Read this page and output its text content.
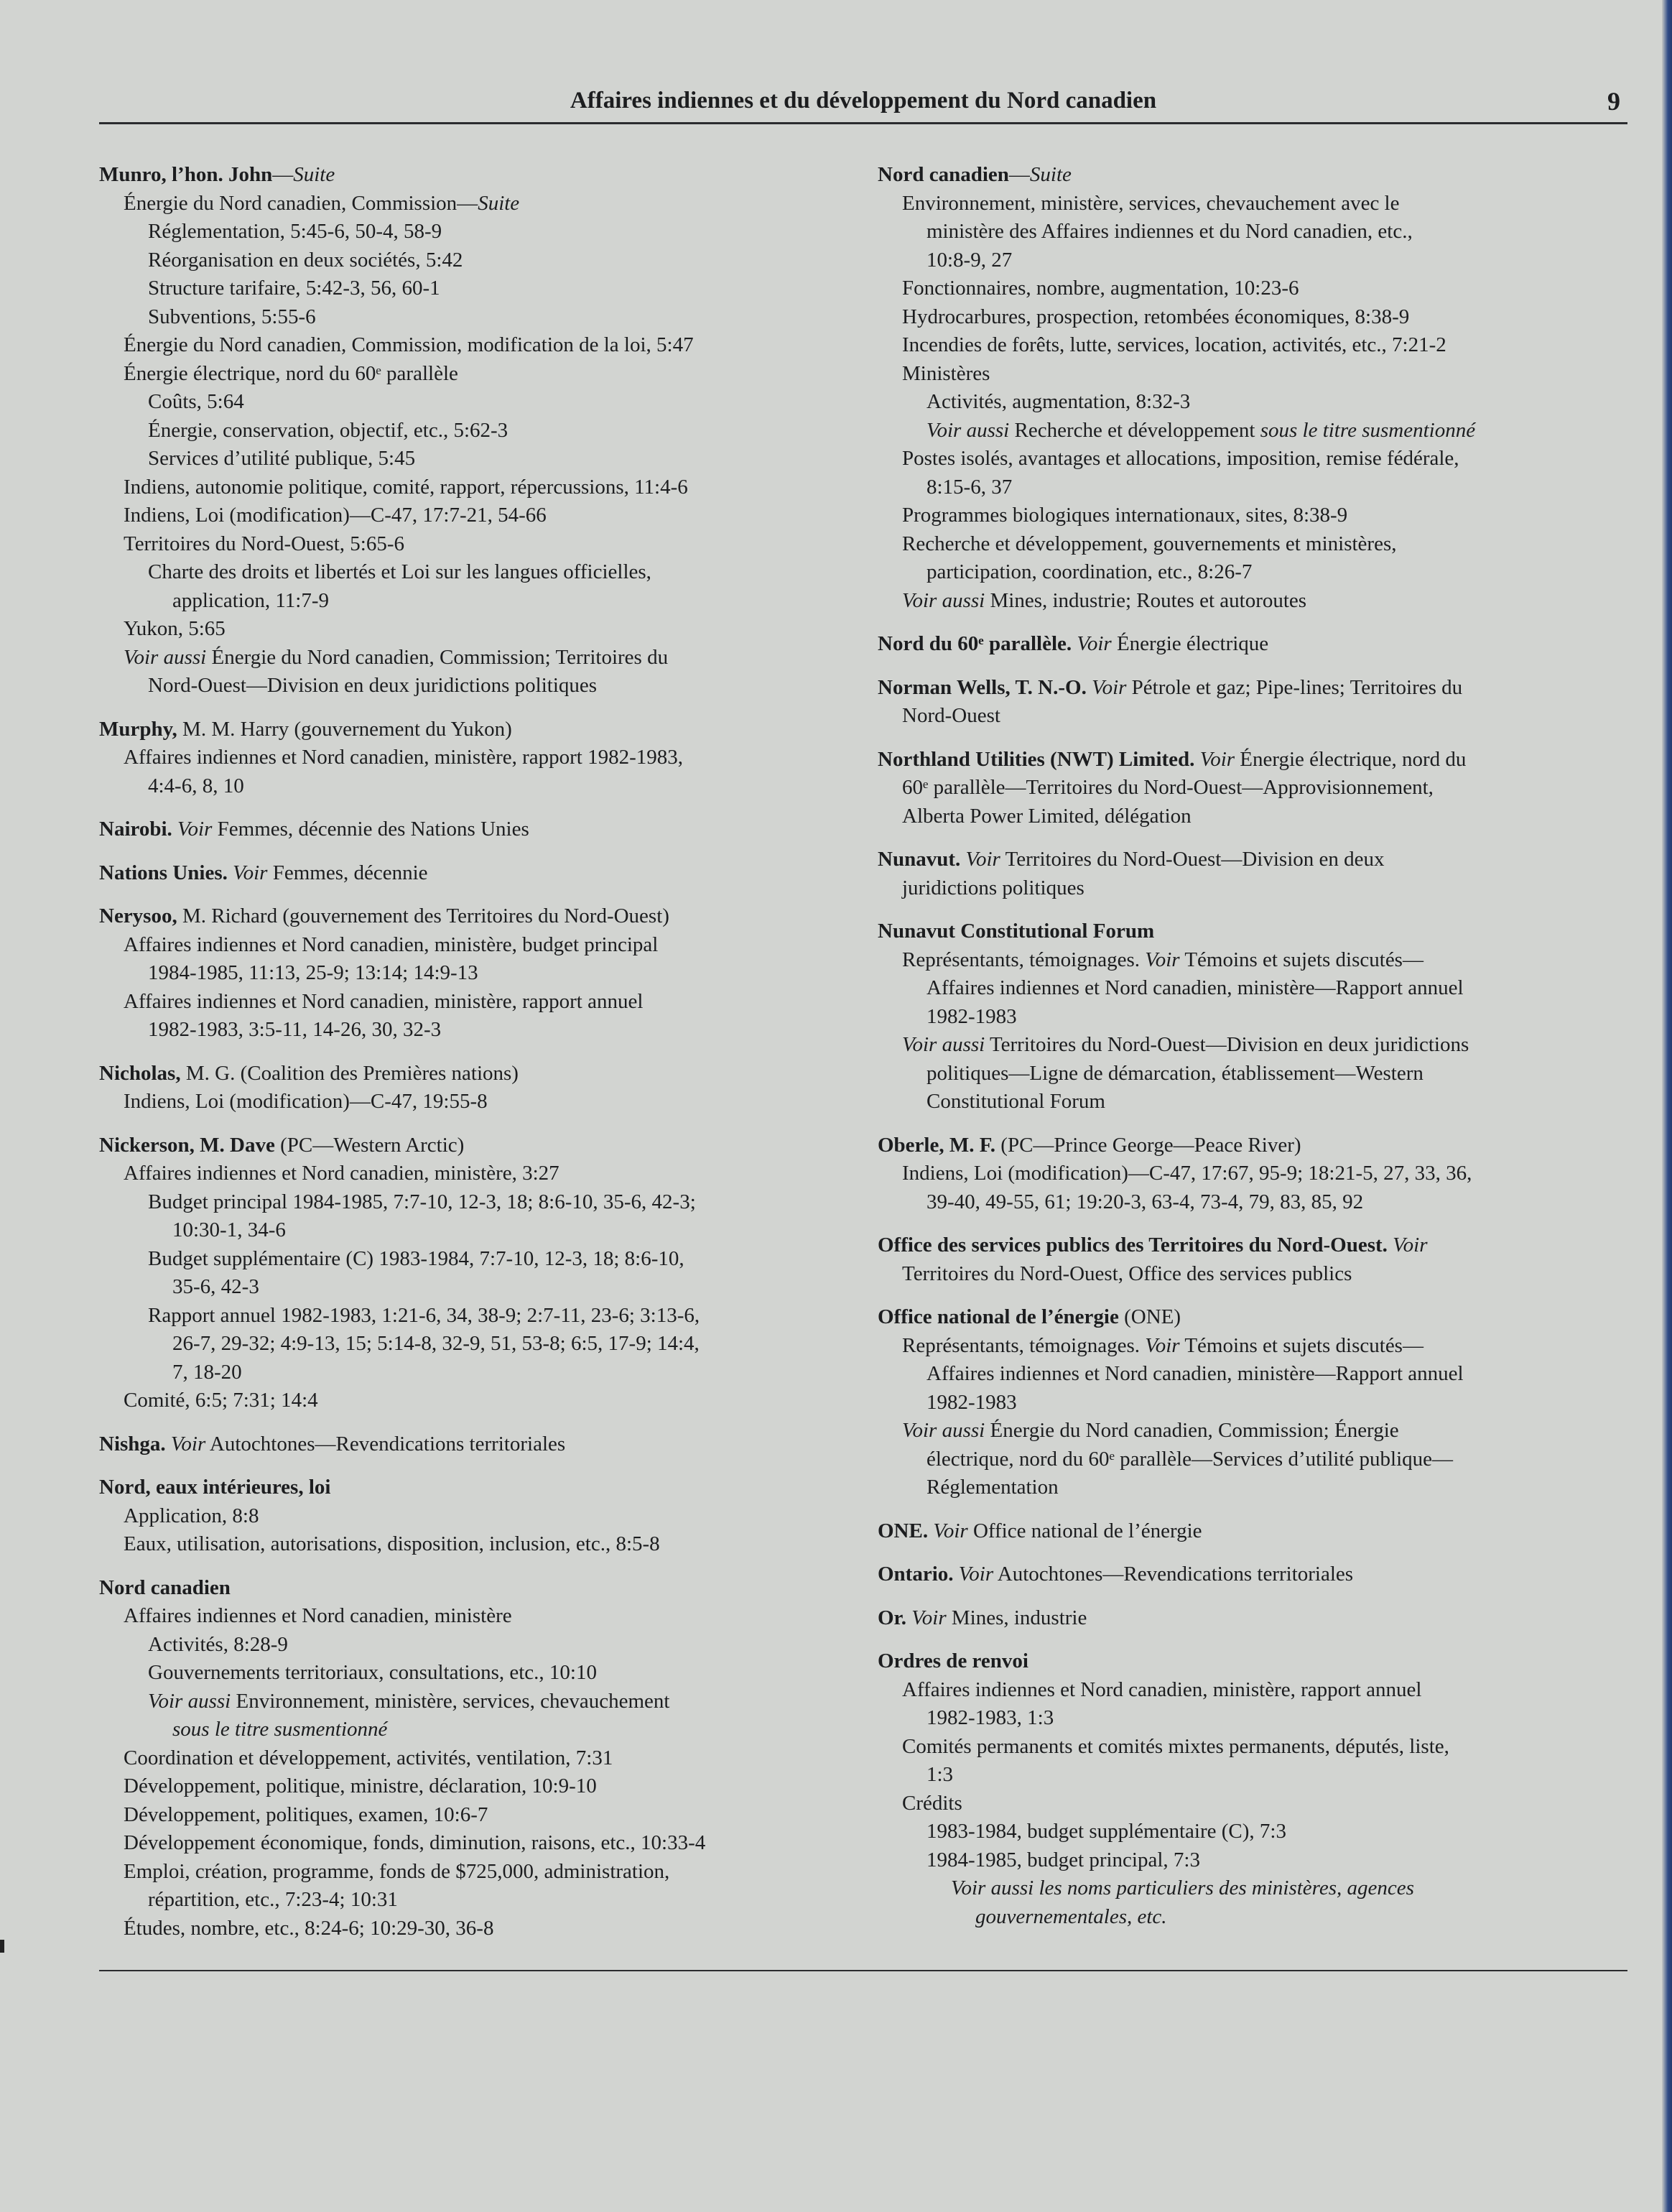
Affaires indiennes et du développement du Nord canadien	9
Munro, l’hon. John—Suite
Énergie du Nord canadien, Commission—Suite
Réglementation, 5:45-6, 50-4, 58-9
Réorganisation en deux sociétés, 5:42
Structure tarifaire, 5:42-3, 56, 60-1
Subventions, 5:55-6
Énergie du Nord canadien, Commission, modification de la loi, 5:47
Énergie électrique, nord du 60ᵉ parallèle
Coûts, 5:64
Énergie, conservation, objectif, etc., 5:62-3
Services d’utilité publique, 5:45
Indiens, autonomie politique, comité, rapport, répercussions, 11:4-6
Indiens, Loi (modification)—C-47, 17:7-21, 54-66
Territoires du Nord-Ouest, 5:65-6
Charte des droits et libertés et Loi sur les langues officielles,
application, 11:7-9
Yukon, 5:65
Voir aussi Énergie du Nord canadien, Commission; Territoires du
Nord-Ouest—Division en deux juridictions politiques
Murphy, M. M. Harry (gouvernement du Yukon)
Affaires indiennes et Nord canadien, ministère, rapport 1982-1983,
4:4-6, 8, 10
Nairobi. Voir Femmes, décennie des Nations Unies
Nations Unies. Voir Femmes, décennie
Nerysoo, M. Richard (gouvernement des Territoires du Nord-Ouest)
Affaires indiennes et Nord canadien, ministère, budget principal
1984-1985, 11:13, 25-9; 13:14; 14:9-13
Affaires indiennes et Nord canadien, ministère, rapport annuel
1982-1983, 3:5-11, 14-26, 30, 32-3
Nicholas, M. G. (Coalition des Premières nations)
Indiens, Loi (modification)—C-47, 19:55-8
Nickerson, M. Dave (PC—Western Arctic)
Affaires indiennes et Nord canadien, ministère, 3:27
Budget principal 1984-1985, 7:7-10, 12-3, 18; 8:6-10, 35-6, 42-3;
10:30-1, 34-6
Budget supplémentaire (C) 1983-1984, 7:7-10, 12-3, 18; 8:6-10,
35-6, 42-3
Rapport annuel 1982-1983, 1:21-6, 34, 38-9; 2:7-11, 23-6; 3:13-6,
26-7, 29-32; 4:9-13, 15; 5:14-8, 32-9, 51, 53-8; 6:5, 17-9; 14:4,
7, 18-20
Comité, 6:5; 7:31; 14:4
Nishga. Voir Autochtones—Revendications territoriales
Nord, eaux intérieures, loi
Application, 8:8
Eaux, utilisation, autorisations, disposition, inclusion, etc., 8:5-8
Nord canadien
Affaires indiennes et Nord canadien, ministère
Activités, 8:28-9
Gouvernements territoriaux, consultations, etc., 10:10
Voir aussi Environnement, ministère, services, chevauchement
sous le titre susmentionné
Coordination et développement, activités, ventilation, 7:31
Développement, politique, ministre, déclaration, 10:9-10
Développement, politiques, examen, 10:6-7
Développement économique, fonds, diminution, raisons, etc., 10:33-4
Emploi, création, programme, fonds de $725,000, administration,
répartition, etc., 7:23-4; 10:31
Études, nombre, etc., 8:24-6; 10:29-30, 36-8
Nord canadien—Suite
Environnement, ministère, services, chevauchement avec le
ministère des Affaires indiennes et du Nord canadien, etc.,
10:8-9, 27
Fonctionnaires, nombre, augmentation, 10:23-6
Hydrocarbures, prospection, retombées économiques, 8:38-9
Incendies de forêts, lutte, services, location, activités, etc., 7:21-2
Ministères
Activités, augmentation, 8:32-3
Voir aussi Recherche et développement sous le titre susmentionné
Postes isolés, avantages et allocations, imposition, remise fédérale,
8:15-6, 37
Programmes biologiques internationaux, sites, 8:38-9
Recherche et développement, gouvernements et ministères,
participation, coordination, etc., 8:26-7
Voir aussi Mines, industrie; Routes et autoroutes
Nord du 60ᵉ parallèle. Voir Énergie électrique
Norman Wells, T. N.-O. Voir Pétrole et gaz; Pipe-lines; Territoires du
Nord-Ouest
Northland Utilities (NWT) Limited. Voir Énergie électrique, nord du
60ᵉ parallèle—Territoires du Nord-Ouest—Approvisionnement,
Alberta Power Limited, délégation
Nunavut. Voir Territoires du Nord-Ouest—Division en deux
juridictions politiques
Nunavut Constitutional Forum
Représentants, témoignages. Voir Témoins et sujets discutés—
Affaires indiennes et Nord canadien, ministère—Rapport annuel
1982-1983
Voir aussi Territoires du Nord-Ouest—Division en deux juridictions
politiques—Ligne de démarcation, établissement—Western
Constitutional Forum
Oberle, M. F. (PC—Prince George—Peace River)
Indiens, Loi (modification)—C-47, 17:67, 95-9; 18:21-5, 27, 33, 36,
39-40, 49-55, 61; 19:20-3, 63-4, 73-4, 79, 83, 85, 92
Office des services publics des Territoires du Nord-Ouest. Voir
Territoires du Nord-Ouest, Office des services publics
Office national de l’énergie (ONE)
Représentants, témoignages. Voir Témoins et sujets discutés—
Affaires indiennes et Nord canadien, ministère—Rapport annuel
1982-1983
Voir aussi Énergie du Nord canadien, Commission; Énergie
électrique, nord du 60ᵉ parallèle—Services d’utilité publique—
Réglementation
ONE. Voir Office national de l’énergie
Ontario. Voir Autochtones—Revendications territoriales
Or. Voir Mines, industrie
Ordres de renvoi
Affaires indiennes et Nord canadien, ministère, rapport annuel
1982-1983, 1:3
Comités permanents et comités mixtes permanents, députés, liste,
1:3
Crédits
1983-1984, budget supplémentaire (C), 7:3
1984-1985, budget principal, 7:3
Voir aussi les noms particuliers des ministères, agences
gouvernementales, etc.
